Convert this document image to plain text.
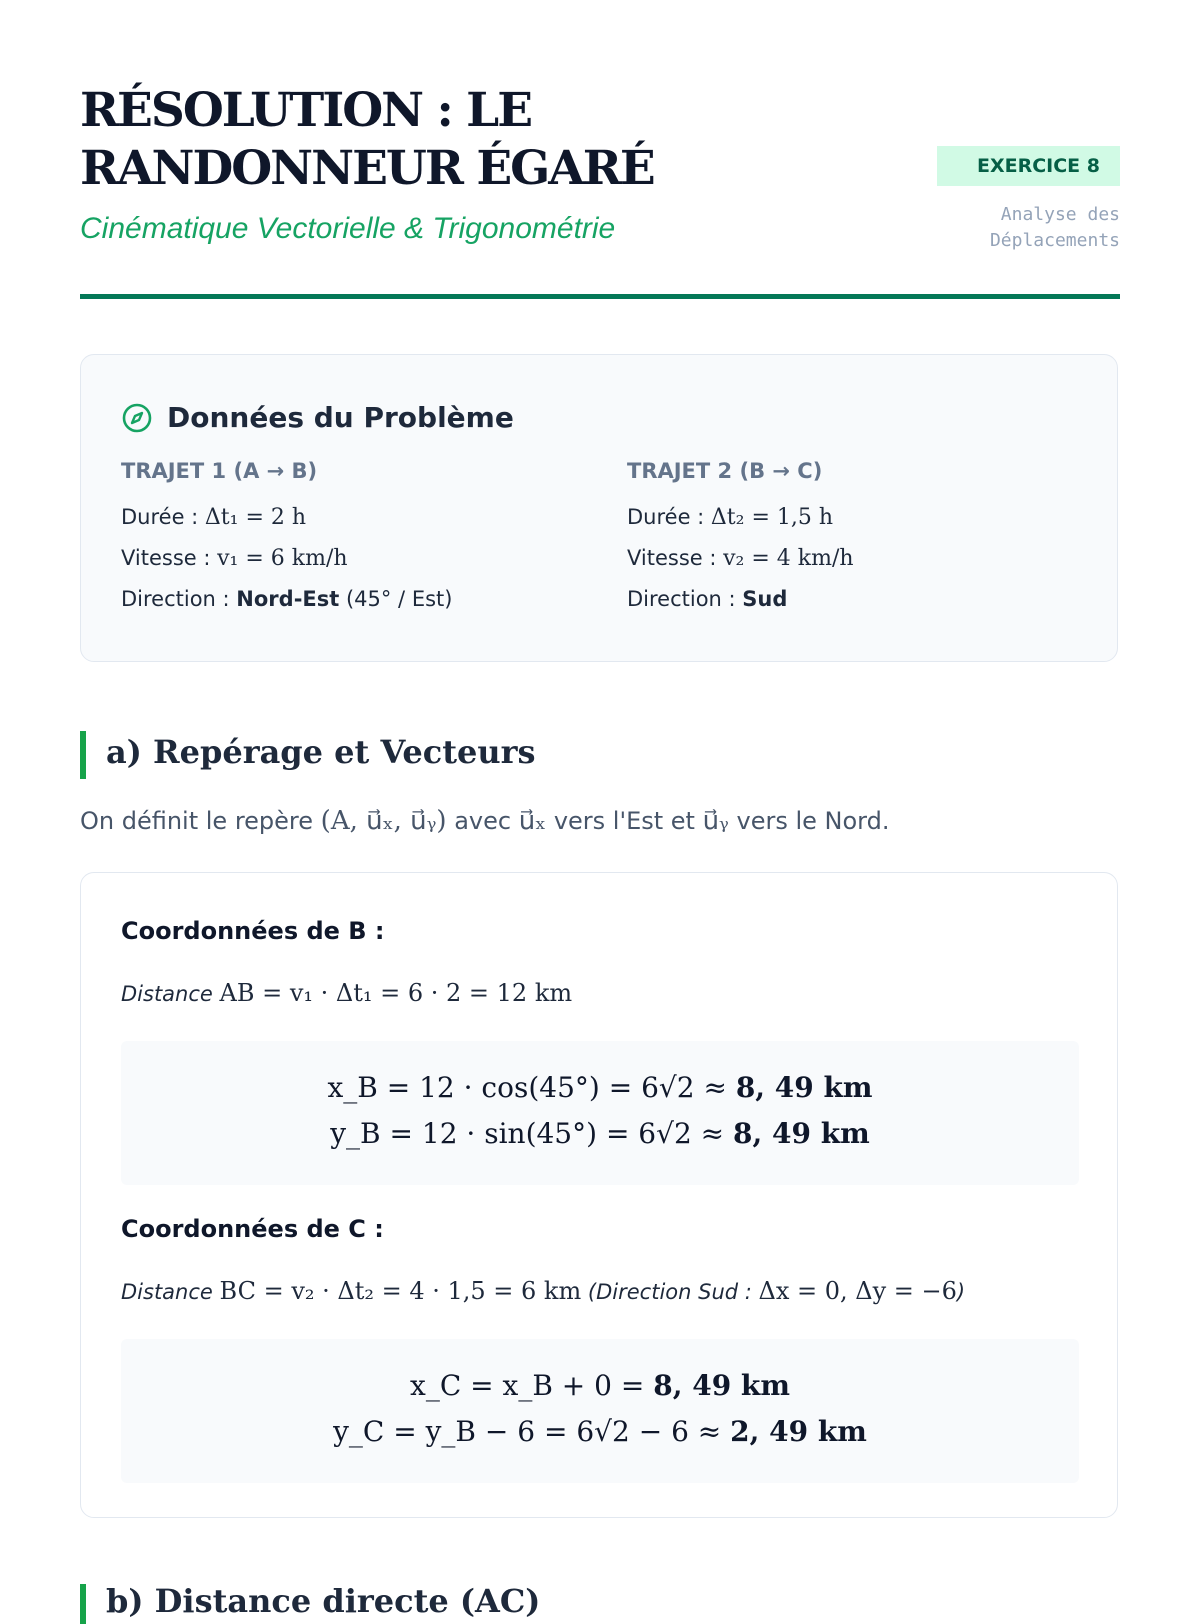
RÉSOLUTION : LE RANDONNEUR ÉGARÉ
Cinématique Vectorielle & Trigonométrie
EXERCICE 8
Analyse des Déplacements
Données du Problème
TRAJET 1 (A → B)
Durée : Δt₁ = 2 h
Vitesse : v₁ = 6 km/h
Direction : Nord-Est (45° / Est)
TRAJET 2 (B → C)
Durée : Δt₂ = 1,5 h
Vitesse : v₂ = 4 km/h
Direction : Sud
a) Repérage et Vecteurs
On définit le repère (A, u⃗ₓ, u⃗ᵧ) avec u⃗ₓ vers l'Est et u⃗ᵧ vers le Nord.
Coordonnées de B :
Distance AB = v₁ · Δt₁ = 6 · 2 = 12 km
x_B = 12 · cos(45°) = 6√2 ≈ 8, 49 km
y_B = 12 · sin(45°) = 6√2 ≈ 8, 49 km
Coordonnées de C :
Distance BC = v₂ · Δt₂ = 4 · 1,5 = 6 km (Direction Sud : Δx = 0, Δy = −6)
x_C = x_B + 0 = 8, 49 km
y_C = y_B − 6 = 6√2 − 6 ≈ 2, 49 km
b) Distance directe (AC)
